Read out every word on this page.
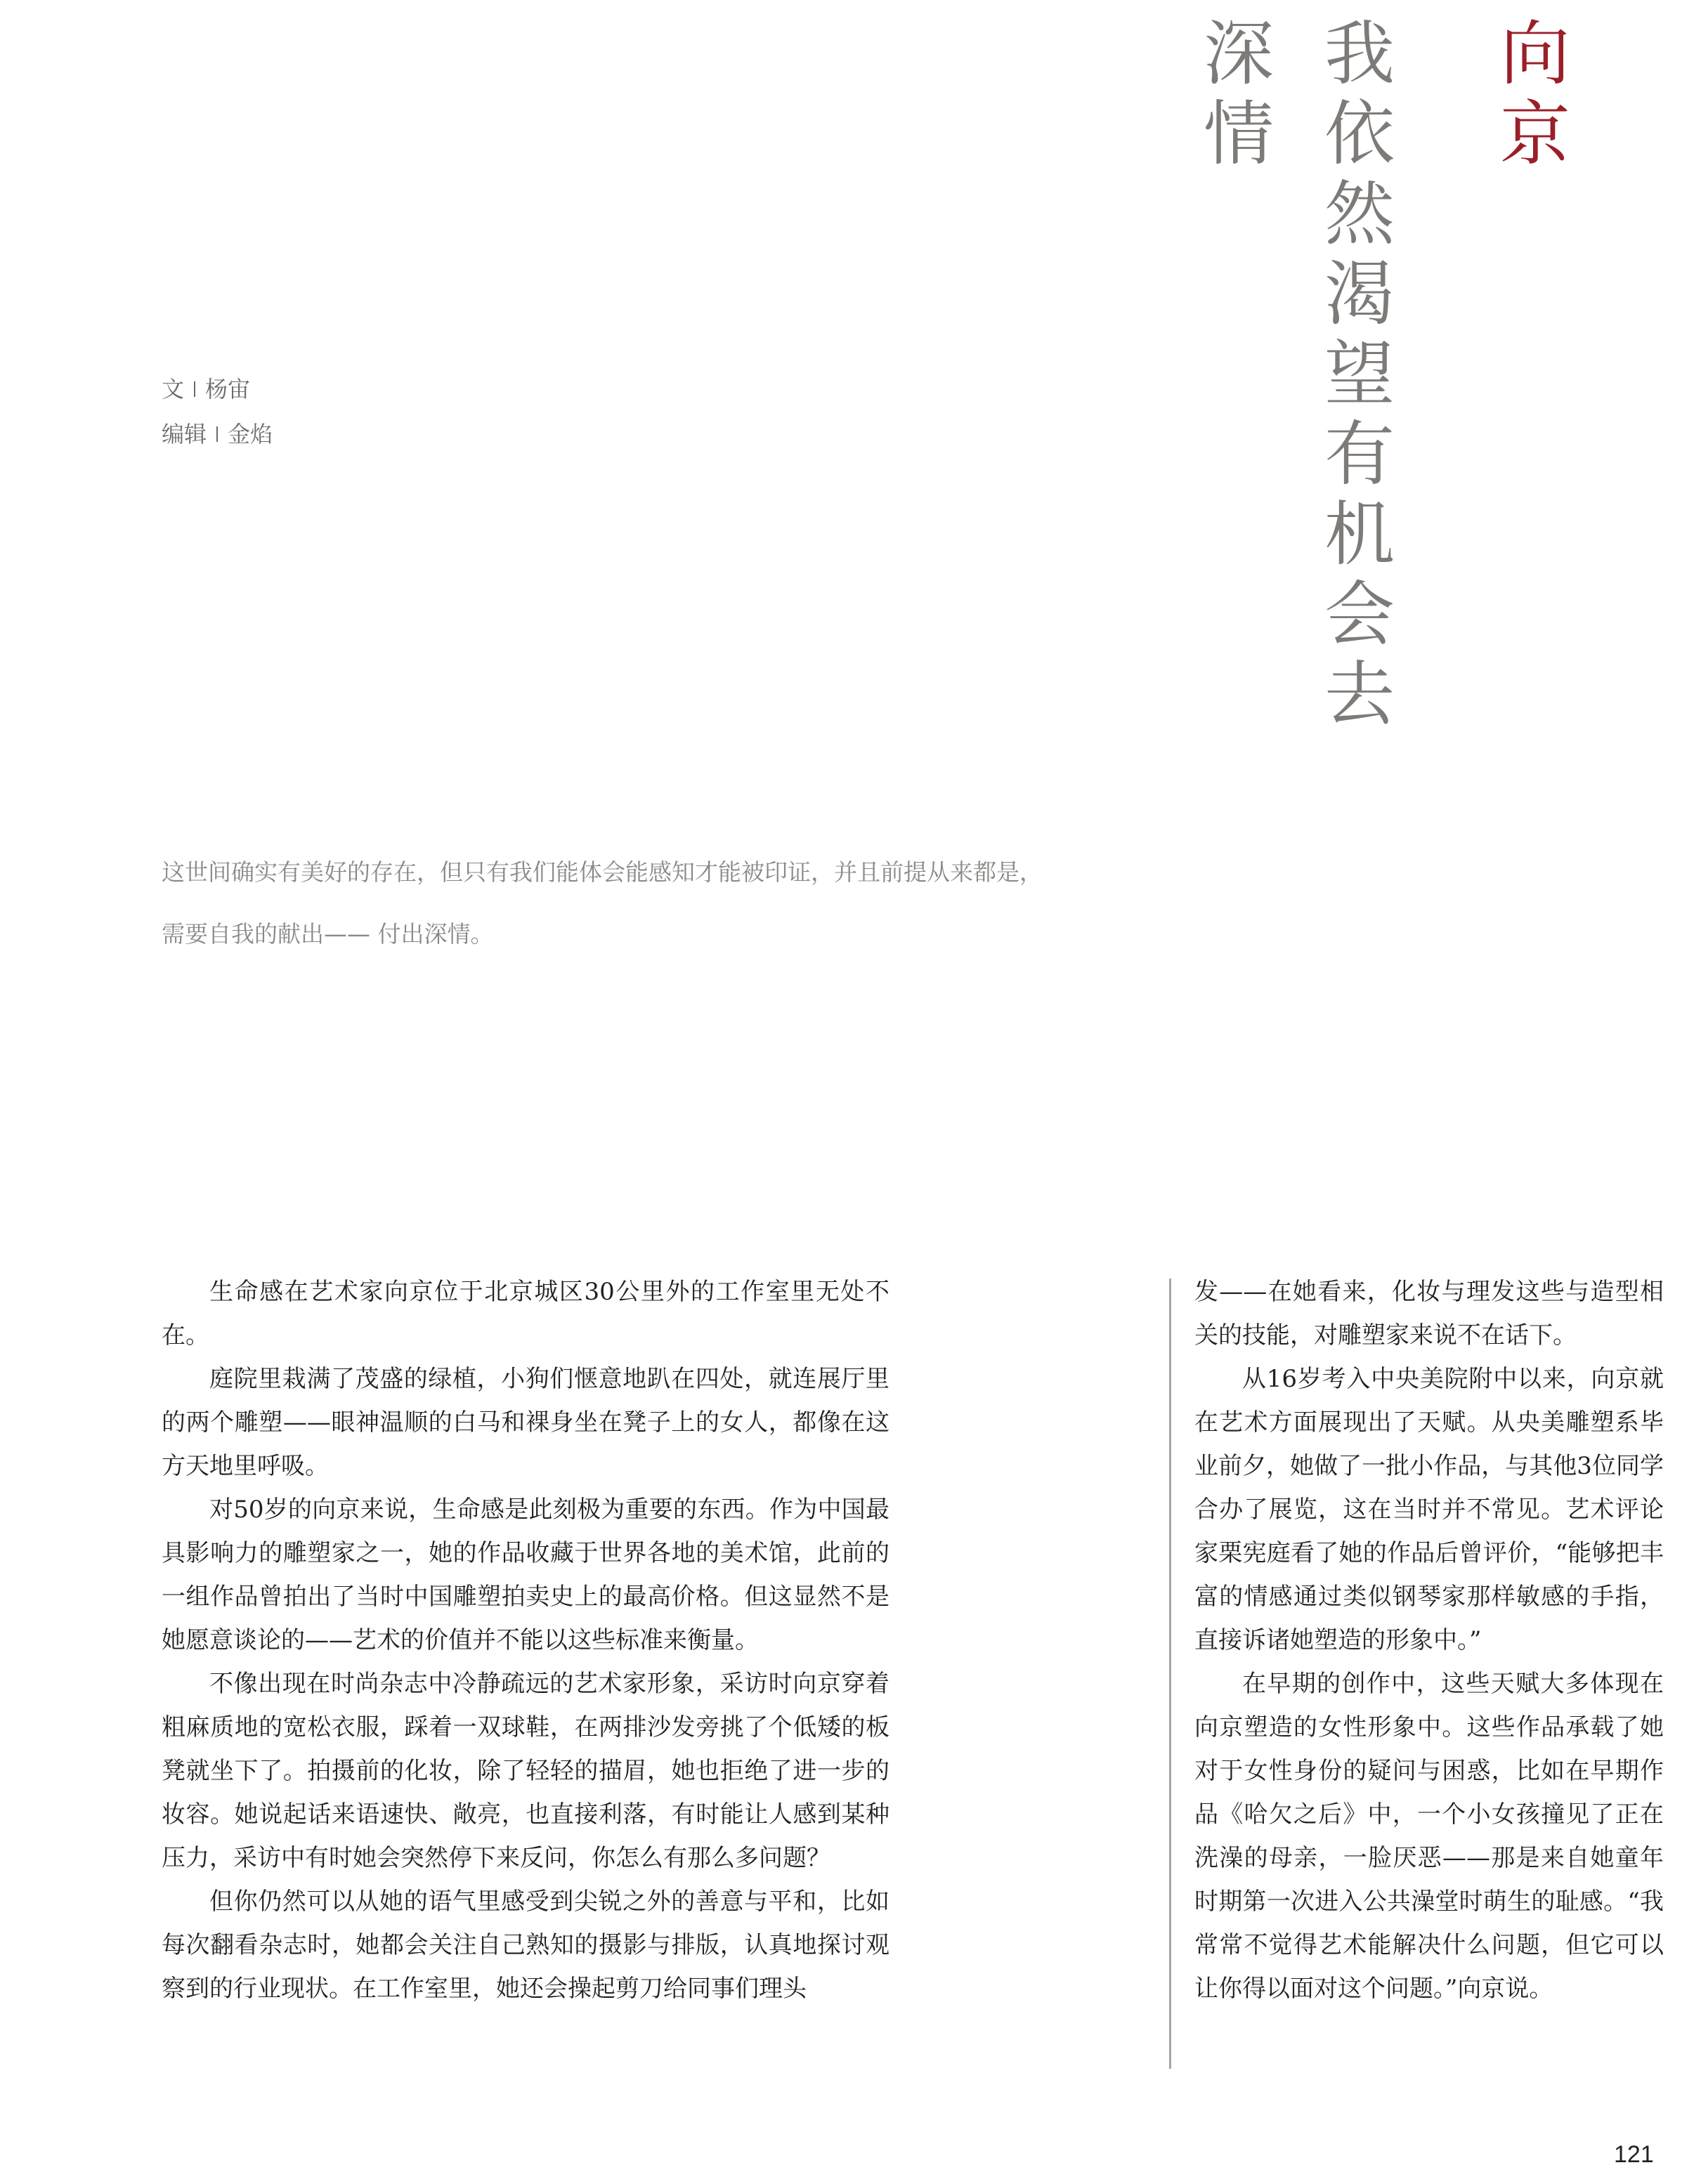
向
京
我
依
然
渴
望
有
机
会
去
深
情
文 杨宙
编辑 金焰

这世间确实有美好的存在，但只有我们能体会能感知才能被印证，并且前提从来都是，

需要自我的献出—— 付出深情。

生命感在艺术家向京位于北京城区30公里外的工作室里无处不在。

庭院里栽满了茂盛的绿植，小狗们惬意地趴在四处，就连展厅里的两个雕塑——眼神温顺的白马和裸身坐在凳子上的女人，都像在这方天地里呼吸。

对50岁的向京来说，生命感是此刻极为重要的东西。作为中国最具影响力的雕塑家之一，她的作品收藏于世界各地的美术馆，此前的一组作品曾拍出了当时中国雕塑拍卖史上的最高价格。但这显然不是她愿意谈论的——艺术的价值并不能以这些标准来衡量。

不像出现在时尚杂志中冷静疏远的艺术家形象，采访时向京穿着粗麻质地的宽松衣服，踩着一双球鞋，在两排沙发旁挑了个低矮的板凳就坐下了。拍摄前的化妆，除了轻轻的描眉，她也拒绝了进一步的妆容。她说起话来语速快、敞亮，也直接利落，有时能让人感到某种压力，采访中有时她会突然停下来反问，你怎么有那么多问题？

但你仍然可以从她的语气里感受到尖锐之外的善意与平和，比如每次翻看杂志时，她都会关注自己熟知的摄影与排版，认真地探讨观察到的行业现状。在工作室里，她还会操起剪刀给同事们理头

发——在她看来，化妆与理发这些与造型相关的技能，对雕塑家来说不在话下。

从16岁考入中央美院附中以来，向京就在艺术方面展现出了天赋。从央美雕塑系毕业前夕，她做了一批小作品，与其他3位同学合办了展览，这在当时并不常见。艺术评论家栗宪庭看了她的作品后曾评价，“能够把丰富的情感通过类似钢琴家那样敏感的手指，直接诉诸她塑造的形象中。”

在早期的创作中，这些天赋大多体现在向京塑造的女性形象中。这些作品承载了她对于女性身份的疑问与困惑，比如在早期作品《哈欠之后》中，一个小女孩撞见了正在洗澡的母亲，一脸厌恶——那是来自她童年时期第一次进入公共澡堂时萌生的耻感。“我常常不觉得艺术能解决什么问题，但它可以让你得以面对这个问题。”向京说。

121
